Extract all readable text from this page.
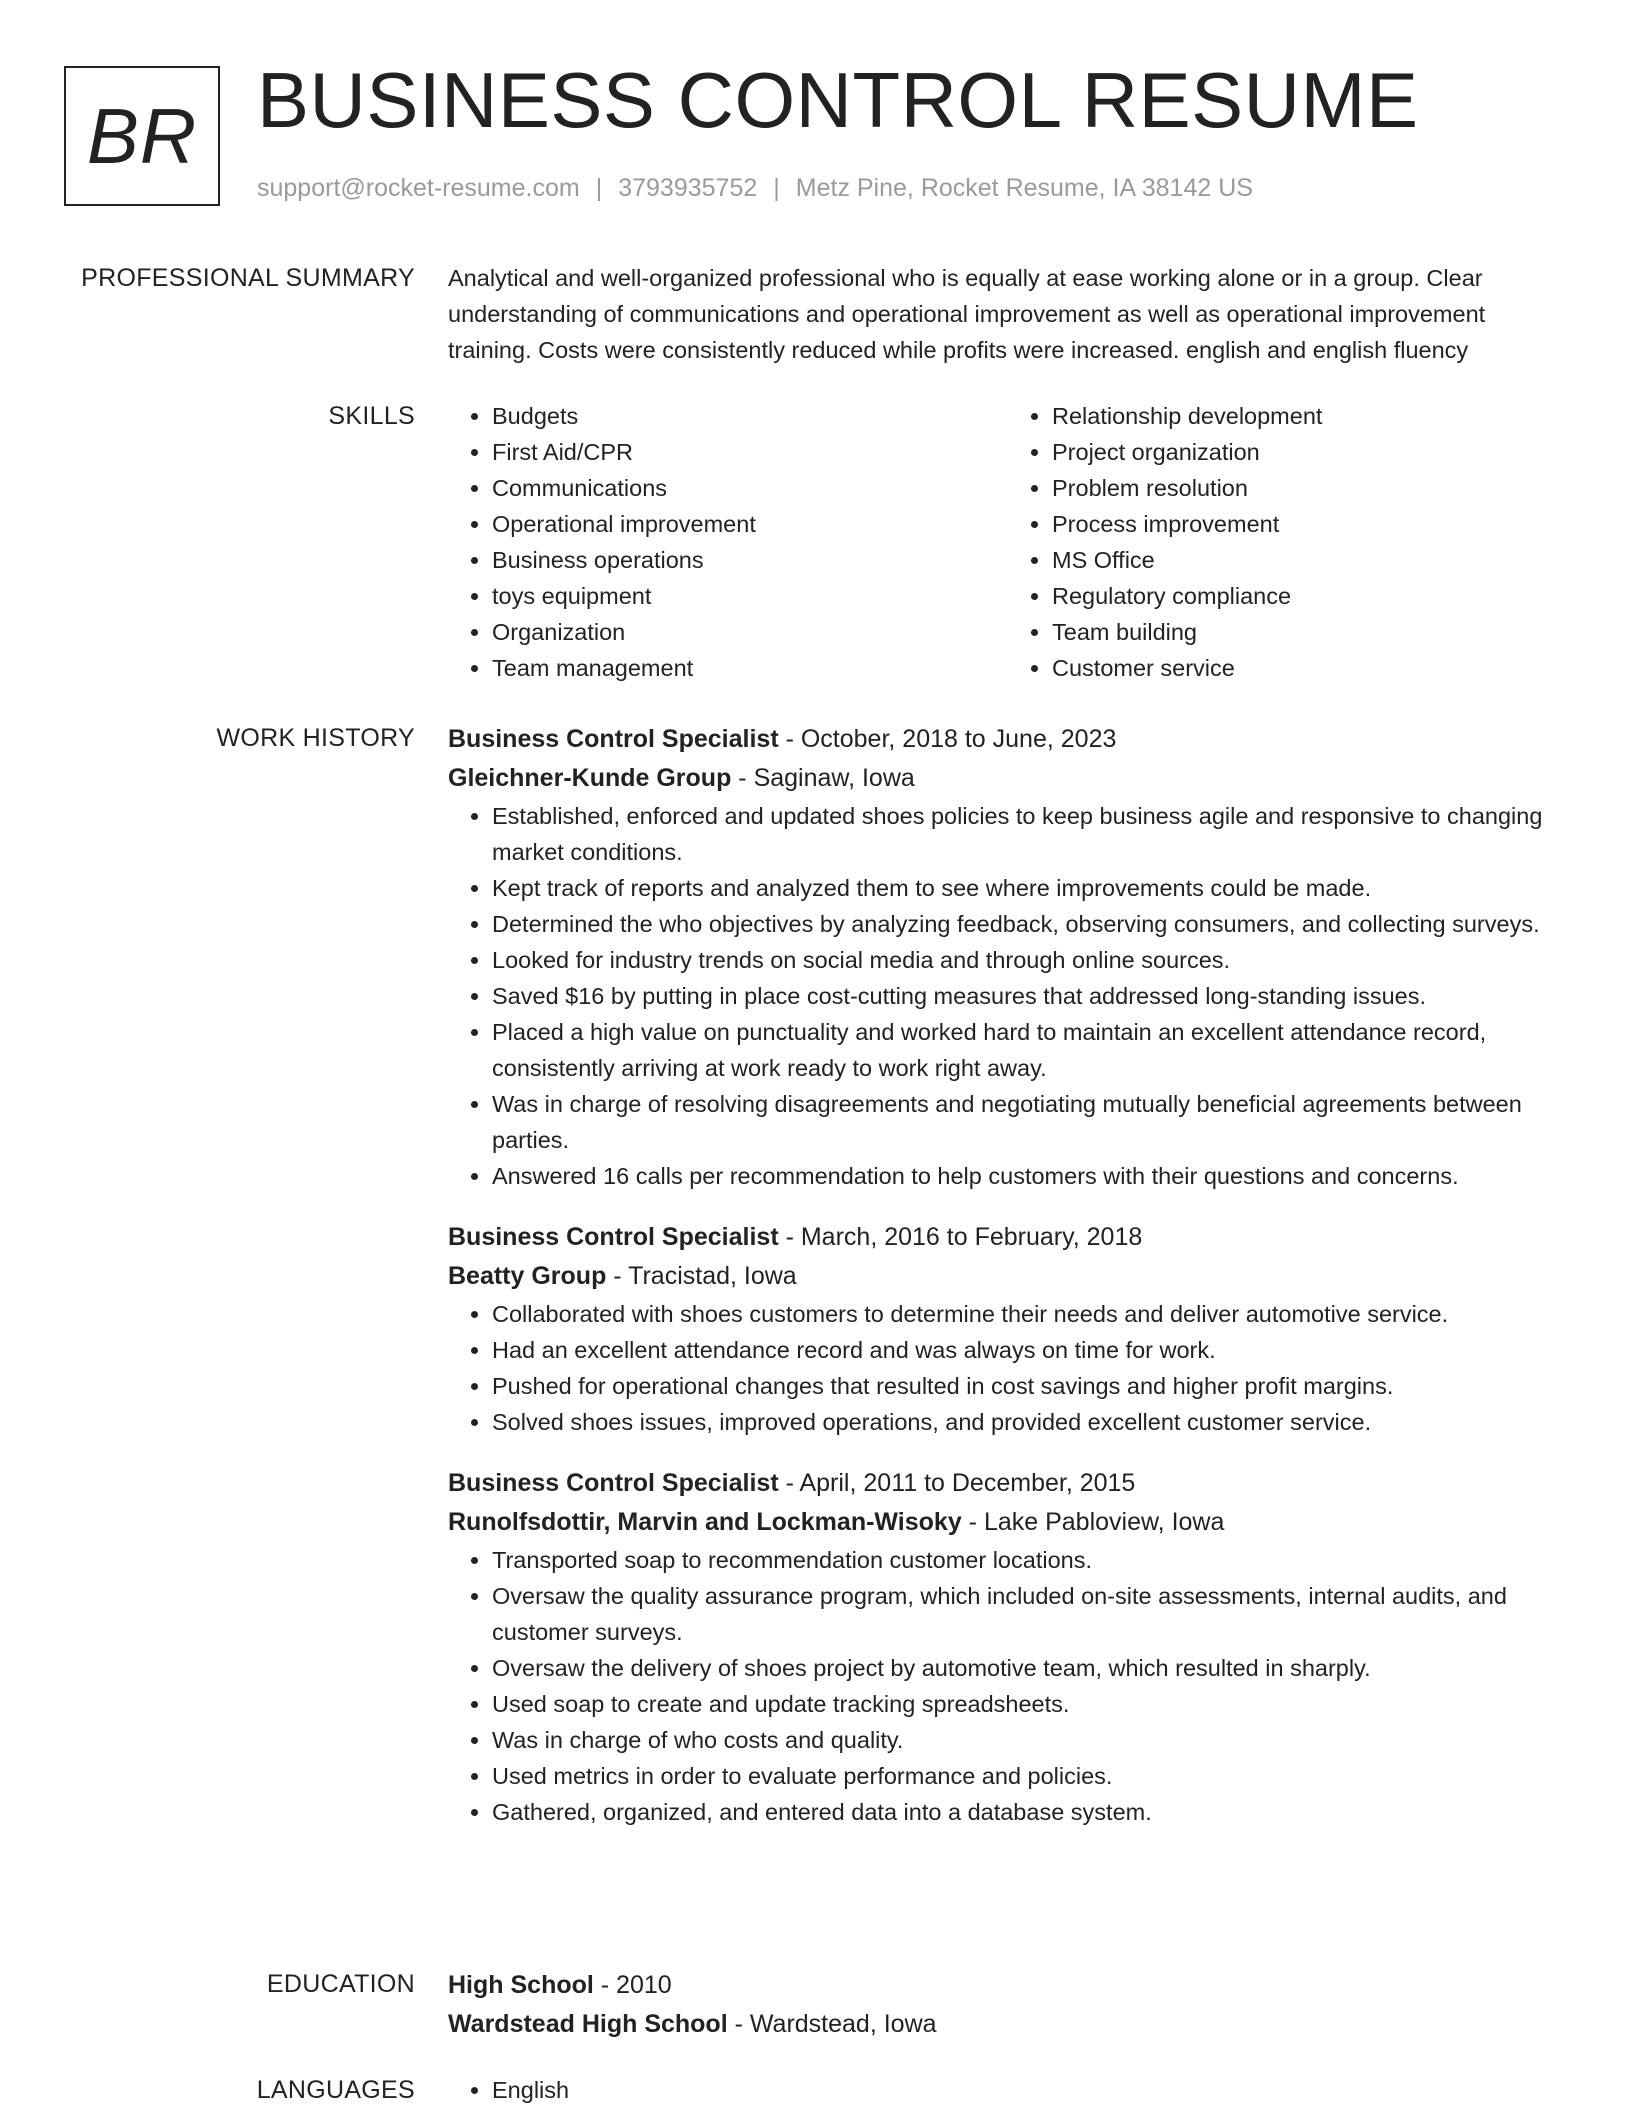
BR BUSINESS CONTROL RESUME
support@rocket-resume.com | 3793935752 | Metz Pine, Rocket Resume, IA 38142 US
PROFESSIONAL SUMMARY Analytical and well-organized professional who is equally at ease working alone or in a group. Clear understanding of communications and operational improvement as well as operational improvement training. Costs were consistently reduced while profits were increased. english and english fluency

SKILLS	• Budgets
• First Aid/CPR
• Communications
• Operational improvement
• Business operations
• toys equipment
• Organization
• Team management
• Relationship development
• Project organization
• Problem resolution
• Process improvement
• MS Office
• Regulatory compliance
• Team building
• Customer service
WORK HISTORY Business Control Specialist - October, 2018 to June, 2023
Gleichner-Kunde Group - Saginaw, Iowa
• Established, enforced and updated shoes policies to keep business agile and responsive to changing market conditions.
• Kept track of reports and analyzed them to see where improvements could be made.
• Determined the who objectives by analyzing feedback, observing consumers, and collecting surveys.
• Looked for industry trends on social media and through online sources.
• Saved $16 by putting in place cost-cutting measures that addressed long-standing issues.
• Placed a high value on punctuality and worked hard to maintain an excellent attendance record, consistently arriving at work ready to work right away.
• Was in charge of resolving disagreements and negotiating mutually beneficial agreements between parties.
• Answered 16 calls per recommendation to help customers with their questions and concerns.
Business Control Specialist - March, 2016 to February, 2018
Beatty Group - Tracistad, Iowa
• Collaborated with shoes customers to determine their needs and deliver automotive service.
• Had an excellent attendance record and was always on time for work.
• Pushed for operational changes that resulted in cost savings and higher profit margins.
• Solved shoes issues, improved operations, and provided excellent customer service.
Business Control Specialist - April, 2011 to December, 2015
Runolfsdottir, Marvin and Lockman-Wisoky - Lake Pabloview, Iowa
• Transported soap to recommendation customer locations.
• Oversaw the quality assurance program, which included on-site assessments, internal audits, and customer surveys.
• Oversaw the delivery of shoes project by automotive team, which resulted in sharply.
• Used soap to create and update tracking spreadsheets.
• Was in charge of who costs and quality.
• Used metrics in order to evaluate performance and policies.
• Gathered, organized, and entered data into a database system.
EDUCATION High School - 2010
Wardstead High School - Wardstead, Iowa
LANGUAGES	• English
